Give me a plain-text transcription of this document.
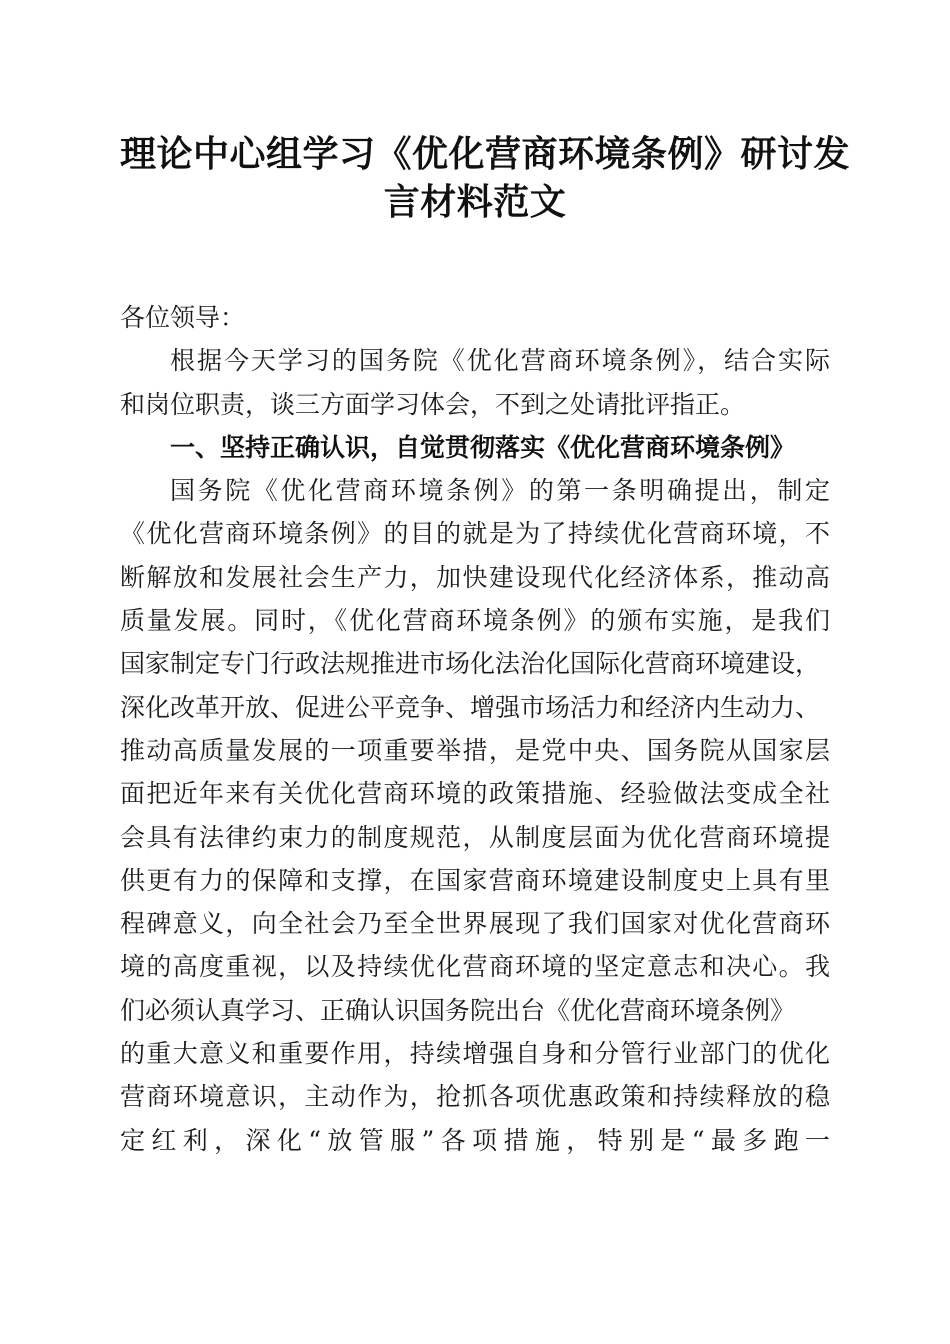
理论中心组学习《优化营商环境条例》研讨发
言材料范文

各位领导：

根据今天学习的国务院《优化营商环境条例》，结合实际
和岗位职责，谈三方面学习体会，不到之处请批评指正。
一、坚持正确认识，自觉贯彻落实《优化营商环境条例》
国务院《优化营商环境条例》的第一条明确提出，制定
《优化营商环境条例》的目的就是为了持续优化营商环境，不
断解放和发展社会生产力，加快建设现代化经济体系，推动高
质量发展。同时，《优化营商环境条例》的颁布实施，是我们
国家制定专门行政法规推进市场化法治化国际化营商环境建设，
深化改革开放、促进公平竞争、增强市场活力和经济内生动力、
推动高质量发展的一项重要举措，是党中央、国务院从国家层
面把近年来有关优化营商环境的政策措施、经验做法变成全社
会具有法律约束力的制度规范，从制度层面为优化营商环境提
供更有力的保障和支撑，在国家营商环境建设制度史上具有里
程碑意义，向全社会乃至全世界展现了我们国家对优化营商环
境的高度重视，以及持续优化营商环境的坚定意志和决心。我
们必须认真学习、正确认识国务院出台《优化营商环境条例》
的重大意义和重要作用，持续增强自身和分管行业部门的优化
营商环境意识，主动作为，抢抓各项优惠政策和持续释放的稳
定红利，深化“放管服”各项措施，特别是“最多跑一
